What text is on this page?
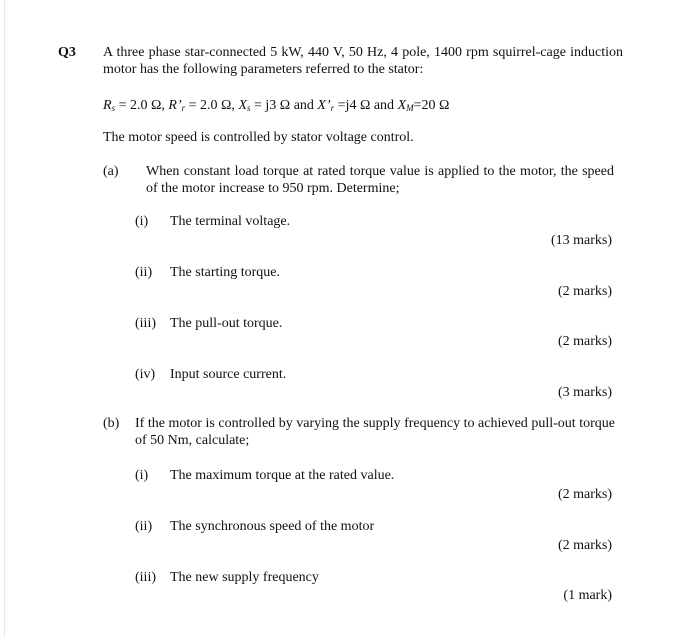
Q3 A three phase star-connected 5 kW, 440 V, 50 Hz, 4 pole, 1400 rpm squirrel-cage induction motor has the following parameters referred to the stator:
$R_s = 2.0$ Ω, $R’_r = 2.0$ Ω, $X_s = j3$ Ω and $X’_r =j4$ Ω and $X_M=20$ Ω
The motor speed is controlled by stator voltage control.
(a) When constant load torque at rated torque value is applied to the motor, the speed of the motor increase to 950 rpm. Determine;
(i) The terminal voltage.
(13 marks)
(ii) The starting torque.
(2 marks)
(iii) The pull-out torque.
(2 marks)
(iv) Input source current.
(3 marks)
(b) If the motor is controlled by varying the supply frequency to achieved pull-out torque of 50 Nm, calculate;
(i) The maximum torque at the rated value.
(2 marks)
(ii) The synchronous speed of the motor
(2 marks)
(iii) The new supply frequency
(1 mark)
